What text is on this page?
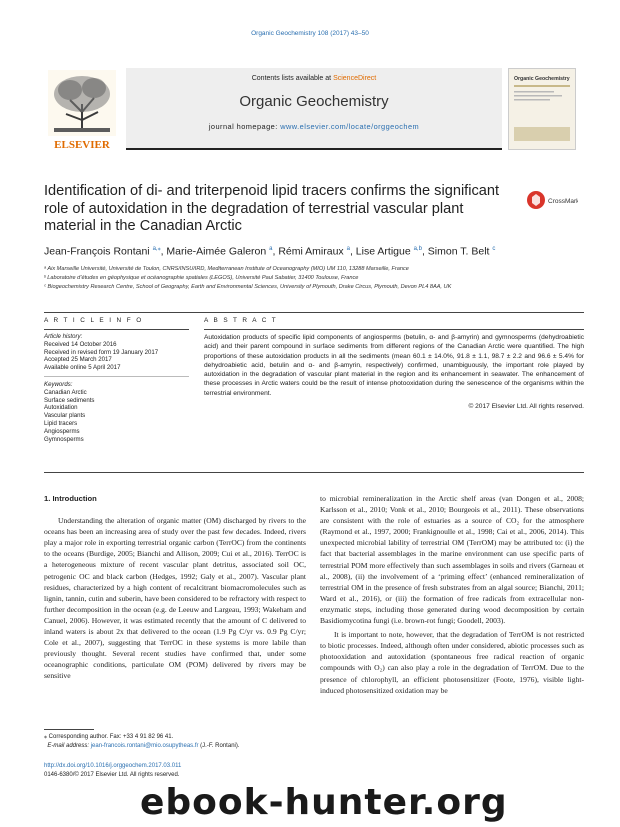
Organic Geochemistry 108 (2017) 43–50
ELSEVIER
Contents lists available at ScienceDirect
Organic Geochemistry
journal homepage: www.elsevier.com/locate/orggeochem
Organic Geochemistry
Identification of di- and triterpenoid lipid tracers confirms the significant role of autoxidation in the degradation of terrestrial vascular plant material in the Canadian Arctic
CrossMark
Jean-François Rontani $^{a,⁎}$, Marie-Aimée Galeron $^a$, Rémi Amiraux $^a$, Lise Artigue $^{a,b}$, Simon T. Belt $^c$
ᵃ Aix Marseille Université, Université de Toulon, CNRS/INSU/IRD, Mediterranean Institute of Oceanography (MIO) UM 110, 13288 Marseille, France
ᵇ Laboratoire d’études en géophysique et océanographie spatiales (LEGOS), Université Paul Sabatier, 31400 Toulouse, France
ᶜ Biogeochemistry Research Centre, School of Geography, Earth and Environmental Sciences, University of Plymouth, Drake Circus, Plymouth, Devon PL4 8AA, UK
A R T I C L E I N F O	A B S T R A C T
Article history:
Received 14 October 2016
Received in revised form 19 January 2017
Accepted 25 March 2017
Available online 5 April 2017
Keywords:
Canadian Arctic
Surface sediments
Autoxidation
Vascular plants
Lipid tracers
Angiosperms
Gymnosperms
Autoxidation products of specific lipid components of angiosperms (betulin, α- and β-amyrin) and gymnosperms (dehydroabietic acid) and their parent compound in surface sediments from different regions of the Canadian Arctic were quantified. The high proportions of these autoxidation products in all the sediments (mean 60.1 ± 14.0%, 91.8 ± 1.1, 98.7 ± 2.2 and 96.6 ± 5.4% for dehydroabietic acid, betulin and α- and β-amyrin, respectively) confirmed, unambiguously, the important role played by autoxidation in the degradation of vascular plant material in the region and its enhancement in seawater. The enhancement of these processes in Arctic waters could be the result of intense photooxidation during the senescence of the organisms within the terrestrial environment.
© 2017 Elsevier Ltd. All rights reserved.
1. Introduction

Understanding the alteration of organic matter (OM) discharged by rivers to the oceans has been an increasing area of study over the past few decades. Indeed, rivers play a major role in exporting terrestrial organic carbon (TerrOC) from the continents to the oceans (Burdige, 2005; Bianchi and Allison, 2009; Cui et al., 2016). TerrOC is a heterogeneous mixture of recent vascular plant detritus, associated soil OC, petrogenic OC and black carbon (Hedges, 1992; Galy et al., 2007). Vascular plant residues, characterized by a high content of recalcitrant biomacromolecules such as lignin, tannin, cutin and suberin, have been considered to be refractory with respect to further decomposition in the ocean (e.g. de Leeuw and Largeau, 1993; Wakeham and Canuel, 2006). However, it was estimated recently that the amount of C delivered to inland waters is about 2x that delivered to the ocean (1.9 Pg C/yr vs. 0.9 Pg C/yr; Cole et al., 2007), suggesting that TerrOC in these systems is more labile than previously thought. Several recent studies have confirmed that, under some oceanographic conditions, particulate OM (POM) delivered by rivers may be sensitive

to microbial remineralization in the Arctic shelf areas (van Dongen et al., 2008; Karlsson et al., 2010; Vonk et al., 2010; Bourgeois et al., 2011). These observations are consistent with the role of estuaries as a source of CO₂ for the atmosphere (Raymond et al., 1997, 2000; Frankignoulle et al., 1998; Cai et al., 2006, 2014). This unexpected microbial lability of terrestrial OM (TerrOM) may be attributed to: (i) the fact that bacterial assemblages in the marine environment can use specific parts of terrestrial POM more effectively than such assemblages in soils and rivers (Garneau et al., 2008), (ii) the involvement of a ‘priming effect’ (enhanced remineralization of terrestrial OM in the presence of fresh substrates from an algal source; Bianchi, 2011; Ward et al., 2016), or (iii) the formation of free radicals from extracellular non-enzymatic steps, including those generated during wood decomposition by certain Basidiomycotina fungi (i.e. brown-rot fungi; Goodell, 2003).

It is important to note, however, that the degradation of TerrOM is not restricted to biotic processes. Indeed, although often under considered, abiotic processes such as photooxidation and autoxidation (spontaneous free radical reaction of organic compounds with O₂) can also play a role in the degradation of TerrOM. Due to the presence of chlorophyll, an efficient photosensitizer (Foote, 1976), visible light-induced photosensitized oxidation may be

⁎ Corresponding author. Fax: +33 4 91 82 96 41.
E-mail address: jean-francois.rontani@mio.osupytheas.fr (J.-F. Rontani).
http://dx.doi.org/10.1016/j.orggeochem.2017.03.011
0146-6380/© 2017 Elsevier Ltd. All rights reserved.
ebook-hunter.org
